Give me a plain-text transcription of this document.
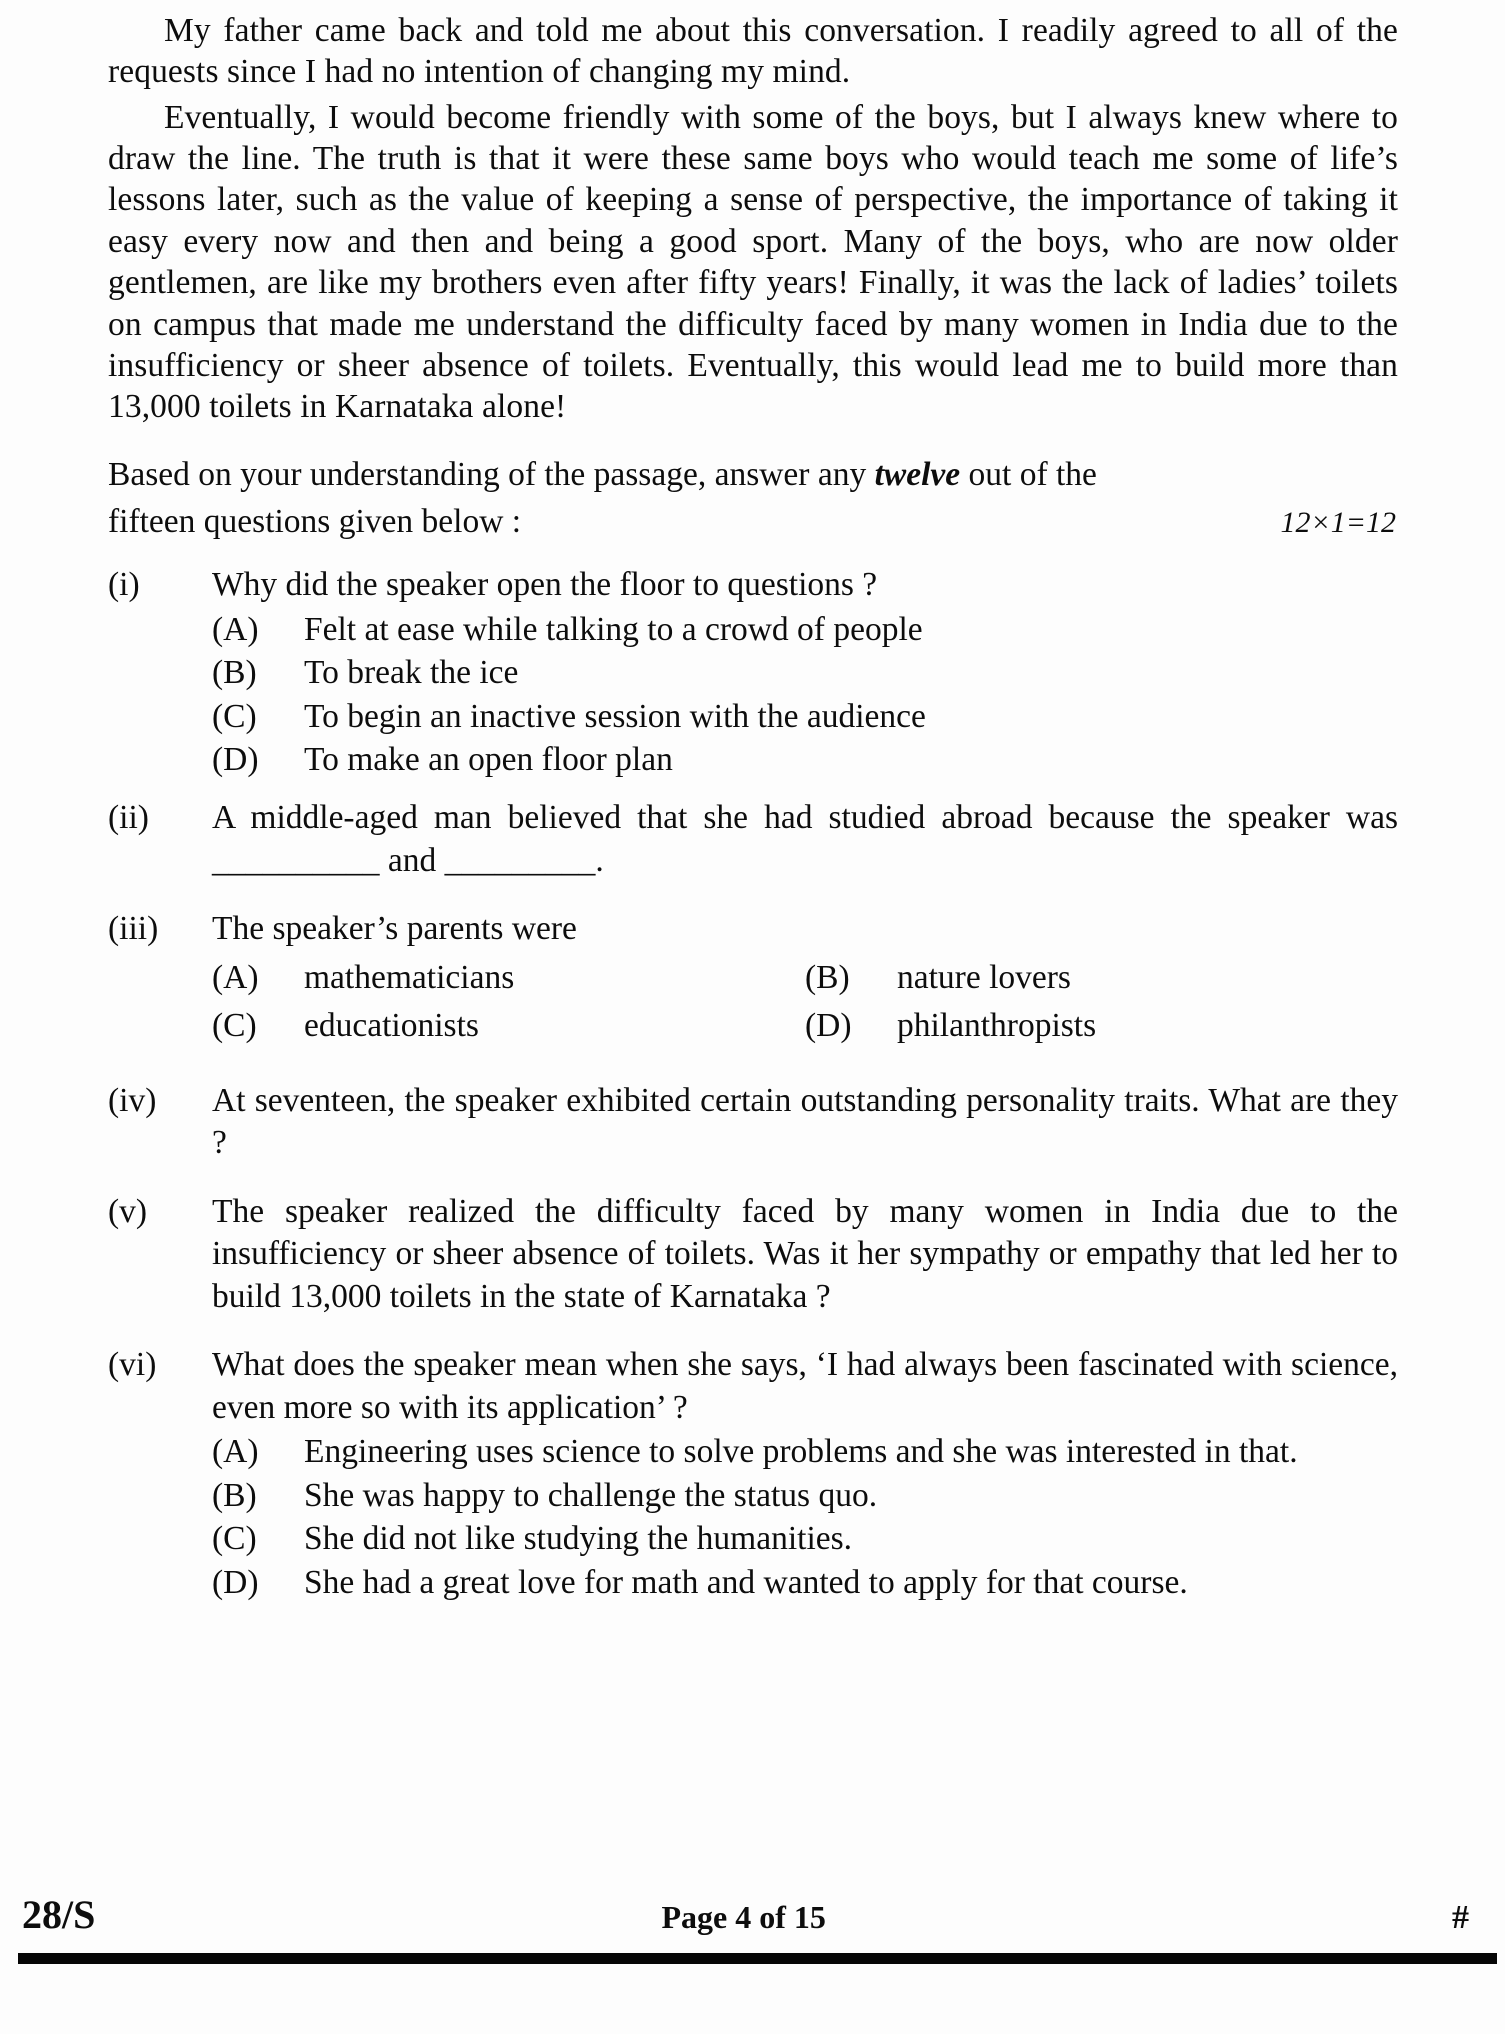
My father came back and told me about this conversation. I readily agreed to all of the requests since I had no intention of changing my mind.

Eventually, I would become friendly with some of the boys, but I always knew where to draw the line. The truth is that it were these same boys who would teach me some of life’s lessons later, such as the value of keeping a sense of perspective, the importance of taking it easy every now and then and being a good sport. Many of the boys, who are now older gentlemen, are like my brothers even after fifty years! Finally, it was the lack of ladies’ toilets on campus that made me understand the difficulty faced by many women in India due to the insufficiency or sheer absence of toilets. Eventually, this would lead me to build more than 13,000 toilets in Karnataka alone!

Based on your understanding of the passage, answer any twelve out of the

fifteen questions given below :	12×1=12
(i)	Why did the speaker open the floor to questions ?
(A)	Felt at ease while talking to a crowd of people
(B)	To break the ice
(C)	To begin an inactive session with the audience
(D)	To make an open floor plan
(ii)	A middle-aged man believed that she had studied abroad because the speaker was __________ and _________.
(iii)	The speaker’s parents were
(A)	mathematicians	(B)	nature lovers
(C)	educationists	(D)	philanthropists
(iv)	At seventeen, the speaker exhibited certain outstanding personality traits. What are they ?
(v)	The speaker realized the difficulty faced by many women in India due to the insufficiency or sheer absence of toilets. Was it her sympathy or empathy that led her to build 13,000 toilets in the state of Karnataka ?
(vi)	What does the speaker mean when she says, ‘I had always been fascinated with science, even more so with its application’ ?
(A)	Engineering uses science to solve problems and she was interested in that.
(B)	She was happy to challenge the status quo.
(C)	She did not like studying the humanities.
(D)	She had a great love for math and wanted to apply for that course.
28/S	Page 4 of 15	#
